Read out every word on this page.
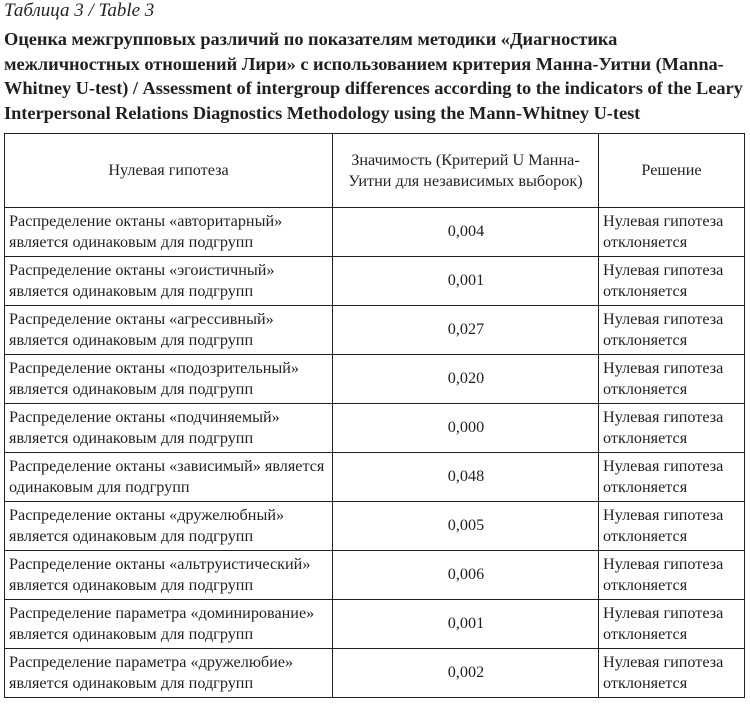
Таблица 3 / Table 3

Оценка межгрупповых различий по показателям методики «Диагностика межличностных отношений Лири» с использованием критерия Манна-Уитни (Manna-Whitney U-test) / Assessment of intergroup differences according to the indicators of the Leary Interpersonal Relations Diagnostics Methodology using the Mann-Whitney U-test

Нулевая гипотеза	Значимость (Критерий U Манна-Уитни для независимых выборок)	Решение
Распределение октаны «авторитарный» является одинаковым для подгрупп	0,004	Нулевая гипотеза отклоняется
Распределение октаны «эгоистичный» является одинаковым для подгрупп	0,001	Нулевая гипотеза отклоняется
Распределение октаны «агрессивный» является одинаковым для подгрупп	0,027	Нулевая гипотеза отклоняется
Распределение октаны «подозрительный» является одинаковым для подгрупп	0,020	Нулевая гипотеза отклоняется
Распределение октаны «подчиняемый» является одинаковым для подгрупп	0,000	Нулевая гипотеза отклоняется
Распределение октаны «зависимый» является одинаковым для подгрупп	0,048	Нулевая гипотеза отклоняется
Распределение октаны «дружелюбный» является одинаковым для подгрупп	0,005	Нулевая гипотеза отклоняется
Распределение октаны «альтруистический» является одинаковым для подгрупп	0,006	Нулевая гипотеза отклоняется
Распределение параметра «доминирование» является одинаковым для подгрупп	0,001	Нулевая гипотеза отклоняется
Распределение параметра «дружелюбие» является одинаковым для подгрупп	0,002	Нулевая гипотеза отклоняется
